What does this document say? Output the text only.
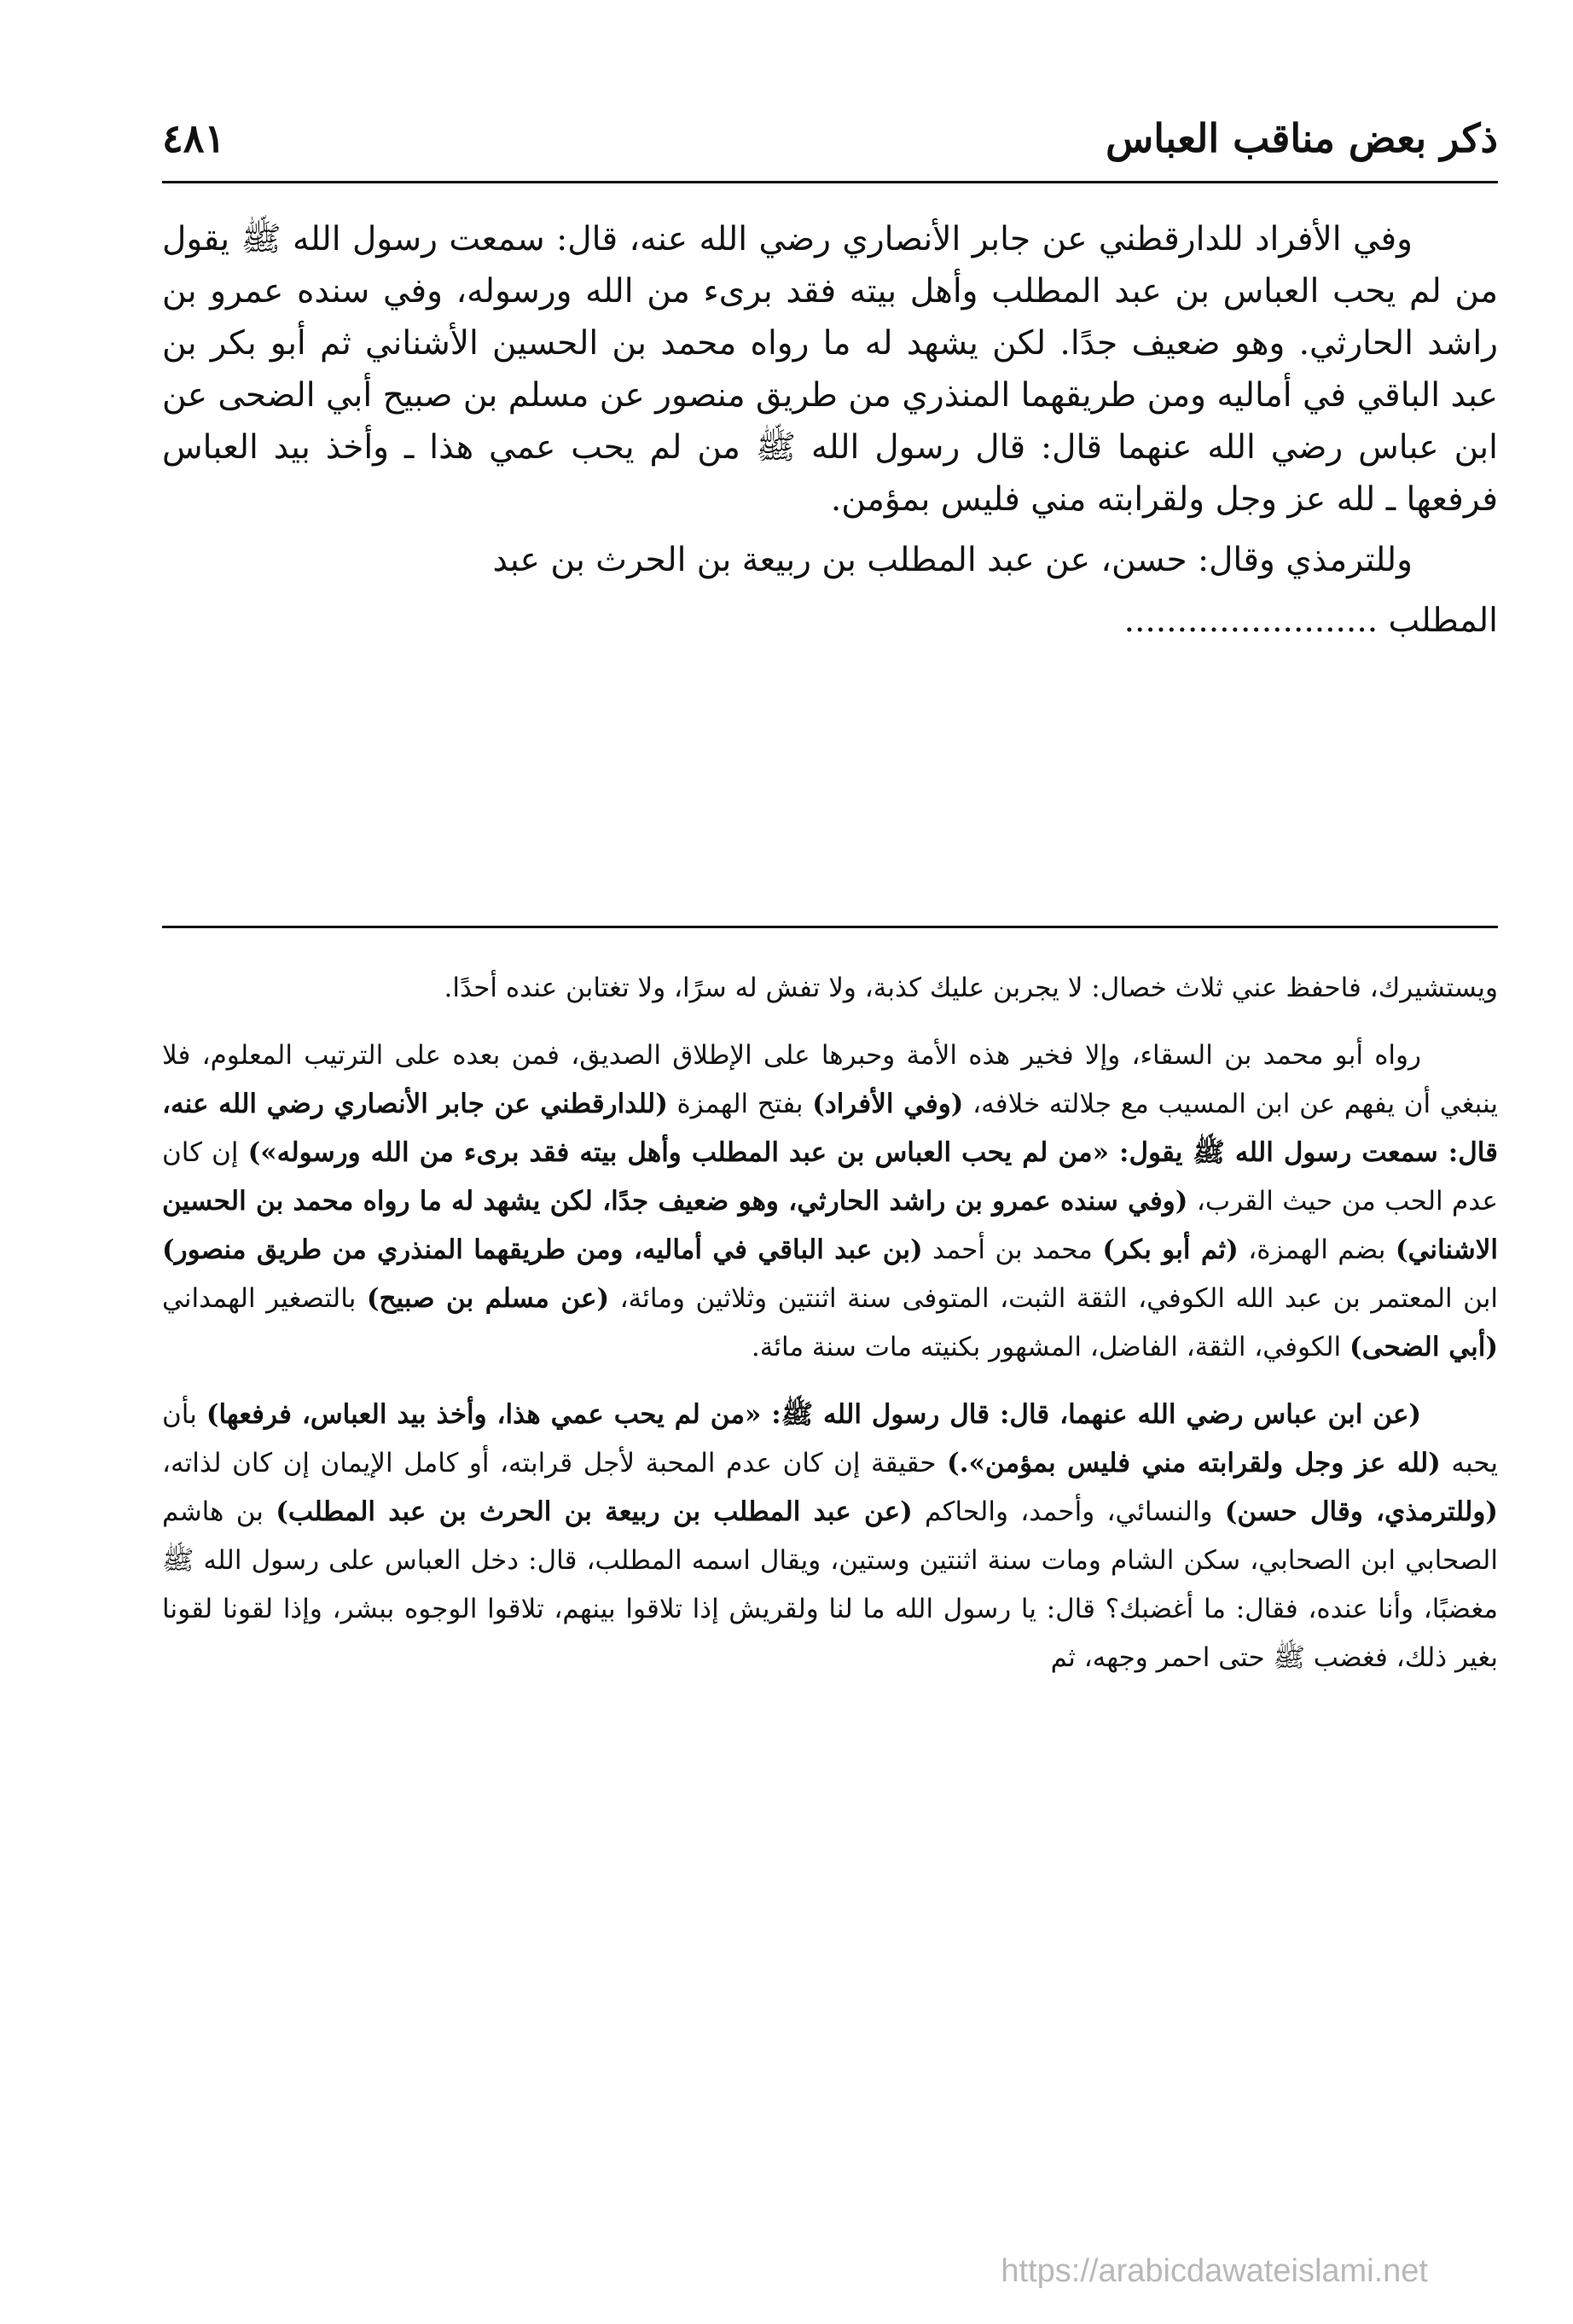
ذكر بعض مناقب العباس
٤٨١

وفي الأفراد للدارقطني عن جابر الأنصاري رضي الله عنه، قال: سمعت رسول الله ﷺ يقول من لم يحب العباس بن عبد المطلب وأهل بيته فقد برىء من الله ورسوله، وفي سنده عمرو بن راشد الحارثي. وهو ضعيف جدًا. لكن يشهد له ما رواه محمد بن الحسين الأشناني ثم أبو بكر بن عبد الباقي في أماليه ومن طريقهما المنذري من طريق منصور عن مسلم بن صبيح أبي الضحى عن ابن عباس رضي الله عنهما قال: قال رسول الله ﷺ من لم يحب عمي هذا ـ وأخذ بيد العباس فرفعها ـ لله عز وجل ولقرابته مني فليس بمؤمن.

وللترمذي وقال: حسن، عن عبد المطلب بن ربيعة بن الحرث بن عبد

المطلب ........................

ويستشيرك، فاحفظ عني ثلاث خصال: لا يجربن عليك كذبة، ولا تفش له سرًا، ولا تغتابن عنده أحدًا.

رواه أبو محمد بن السقاء، وإلا فخير هذه الأمة وحبرها على الإطلاق الصديق، فمن بعده على الترتيب المعلوم، فلا ينبغي أن يفهم عن ابن المسيب مع جلالته خلافه، (وفي الأفراد) بفتح الهمزة (للدارقطني عن جابر الأنصاري رضي الله عنه، قال: سمعت رسول الله ﷺ يقول: «من لم يحب العباس بن عبد المطلب وأهل بيته فقد برىء من الله ورسوله») إن كان عدم الحب من حيث القرب، (وفي سنده عمرو بن راشد الحارثي، وهو ضعيف جدًا، لكن يشهد له ما رواه محمد بن الحسين الاشناني) بضم الهمزة، (ثم أبو بكر) محمد بن أحمد (بن عبد الباقي في أماليه، ومن طريقهما المنذري من طريق منصور) ابن المعتمر بن عبد الله الكوفي، الثقة الثبت، المتوفى سنة اثنتين وثلاثين ومائة، (عن مسلم بن صبيح) بالتصغير الهمداني (أبي الضحى) الكوفي، الثقة، الفاضل، المشهور بكنيته مات سنة مائة.

(عن ابن عباس رضي الله عنهما، قال: قال رسول الله ﷺ: «من لم يحب عمي هذا، وأخذ بيد العباس، فرفعها) بأن يحبه (لله عز وجل ولقرابته مني فليس بمؤمن».) حقيقة إن كان عدم المحبة لأجل قرابته، أو كامل الإيمان إن كان لذاته، (وللترمذي، وقال حسن) والنسائي، وأحمد، والحاكم (عن عبد المطلب بن ربيعة بن الحرث بن عبد المطلب) بن هاشم الصحابي ابن الصحابي، سكن الشام ومات سنة اثنتين وستين، ويقال اسمه المطلب، قال: دخل العباس على رسول الله ﷺ مغضبًا، وأنا عنده، فقال: ما أغضبك؟ قال: يا رسول الله ما لنا ولقريش إذا تلاقوا بينهم، تلاقوا الوجوه ببشر، وإذا لقونا لقونا بغير ذلك، فغضب ﷺ حتى احمر وجهه، ثم

https://arabicdawateislami.net
